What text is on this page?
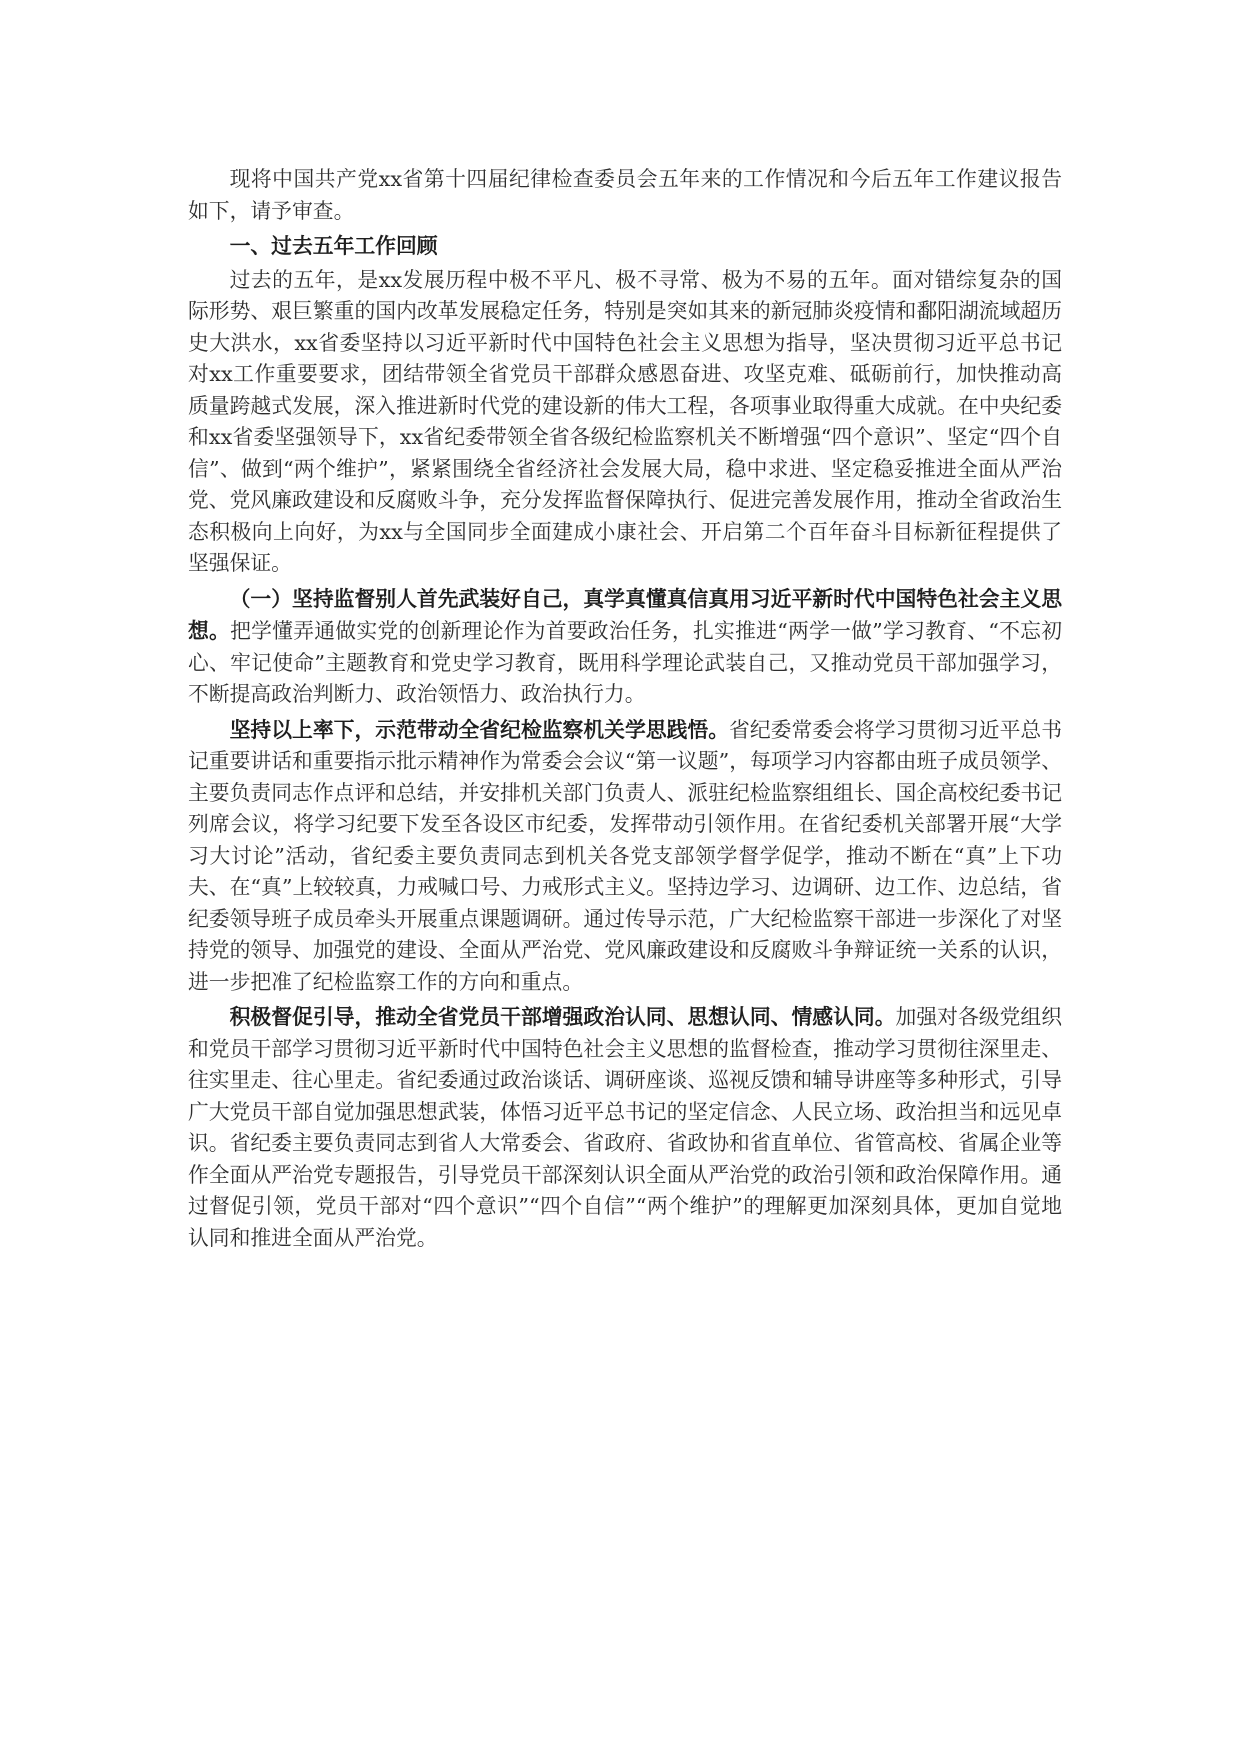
现将中国共产党xx省第十四届纪律检查委员会五年来的工作情况和今后五年工作建议报告如下，请予审查。

一、过去五年工作回顾

过去的五年，是xx发展历程中极不平凡、极不寻常、极为不易的五年。面对错综复杂的国际形势、艰巨繁重的国内改革发展稳定任务，特别是突如其来的新冠肺炎疫情和鄱阳湖流域超历史大洪水，xx省委坚持以习近平新时代中国特色社会主义思想为指导，坚决贯彻习近平总书记对xx工作重要要求，团结带领全省党员干部群众感恩奋进、攻坚克难、砥砺前行，加快推动高质量跨越式发展，深入推进新时代党的建设新的伟大工程，各项事业取得重大成就。在中央纪委和xx省委坚强领导下，xx省纪委带领全省各级纪检监察机关不断增强“四个意识”、坚定“四个自信”、做到“两个维护”，紧紧围绕全省经济社会发展大局，稳中求进、坚定稳妥推进全面从严治党、党风廉政建设和反腐败斗争，充分发挥监督保障执行、促进完善发展作用，推动全省政治生态积极向上向好，为xx与全国同步全面建成小康社会、开启第二个百年奋斗目标新征程提供了坚强保证。

（一）坚持监督别人首先武装好自己，真学真懂真信真用习近平新时代中国特色社会主义思想。把学懂弄通做实党的创新理论作为首要政治任务，扎实推进“两学一做”学习教育、“不忘初心、牢记使命”主题教育和党史学习教育，既用科学理论武装自己，又推动党员干部加强学习，不断提高政治判断力、政治领悟力、政治执行力。

坚持以上率下，示范带动全省纪检监察机关学思践悟。省纪委常委会将学习贯彻习近平总书记重要讲话和重要指示批示精神作为常委会会议“第一议题”，每项学习内容都由班子成员领学、主要负责同志作点评和总结，并安排机关部门负责人、派驻纪检监察组组长、国企高校纪委书记列席会议，将学习纪要下发至各设区市纪委，发挥带动引领作用。在省纪委机关部署开展“大学习大讨论”活动，省纪委主要负责同志到机关各党支部领学督学促学，推动不断在“真”上下功夫、在“真”上较较真，力戒喊口号、力戒形式主义。坚持边学习、边调研、边工作、边总结，省纪委领导班子成员牵头开展重点课题调研。通过传导示范，广大纪检监察干部进一步深化了对坚持党的领导、加强党的建设、全面从严治党、党风廉政建设和反腐败斗争辩证统一关系的认识，进一步把准了纪检监察工作的方向和重点。

积极督促引导，推动全省党员干部增强政治认同、思想认同、情感认同。加强对各级党组织和党员干部学习贯彻习近平新时代中国特色社会主义思想的监督检查，推动学习贯彻往深里走、往实里走、往心里走。省纪委通过政治谈话、调研座谈、巡视反馈和辅导讲座等多种形式，引导广大党员干部自觉加强思想武装，体悟习近平总书记的坚定信念、人民立场、政治担当和远见卓识。省纪委主要负责同志到省人大常委会、省政府、省政协和省直单位、省管高校、省属企业等作全面从严治党专题报告，引导党员干部深刻认识全面从严治党的政治引领和政治保障作用。通过督促引领，党员干部对“四个意识”“四个自信”“两个维护”的理解更加深刻具体，更加自觉地认同和推进全面从严治党。
